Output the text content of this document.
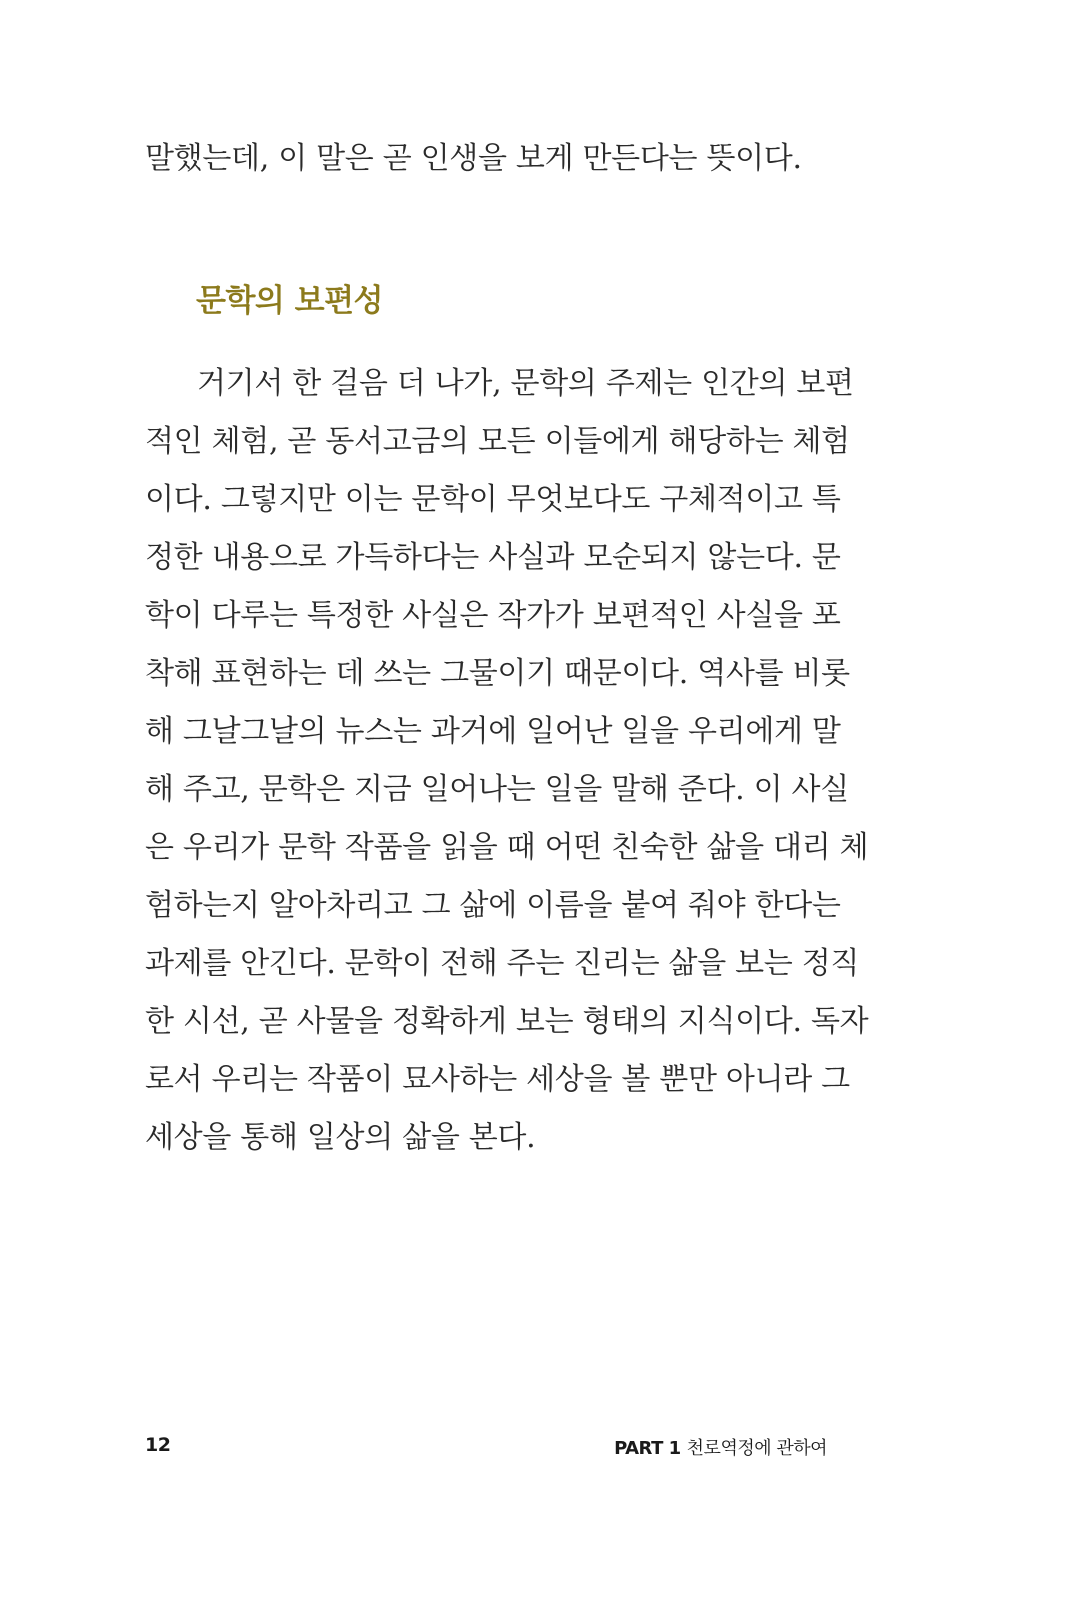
말했는데, 이 말은 곧 인생을 보게 만든다는 뜻이다.

문학의 보편성
거기서 한 걸음 더 나가, 문학의 주제는 인간의 보편
적인 체험, 곧 동서고금의 모든 이들에게 해당하는 체험
이다. 그렇지만 이는 문학이 무엇보다도 구체적이고 특
정한 내용으로 가득하다는 사실과 모순되지 않는다. 문
학이 다루는 특정한 사실은 작가가 보편적인 사실을 포
착해 표현하는 데 쓰는 그물이기 때문이다. 역사를 비롯
해 그날그날의 뉴스는 과거에 일어난 일을 우리에게 말
해 주고, 문학은 지금 일어나는 일을 말해 준다. 이 사실
은 우리가 문학 작품을 읽을 때 어떤 친숙한 삶을 대리 체
험하는지 알아차리고 그 삶에 이름을 붙여 줘야 한다는
과제를 안긴다. 문학이 전해 주는 진리는 삶을 보는 정직
한 시선, 곧 사물을 정확하게 보는 형태의 지식이다. 독자
로서 우리는 작품이 묘사하는 세상을 볼 뿐만 아니라 그
세상을 통해 일상의 삶을 본다.
12	PART 1 천로역정에 관하여
